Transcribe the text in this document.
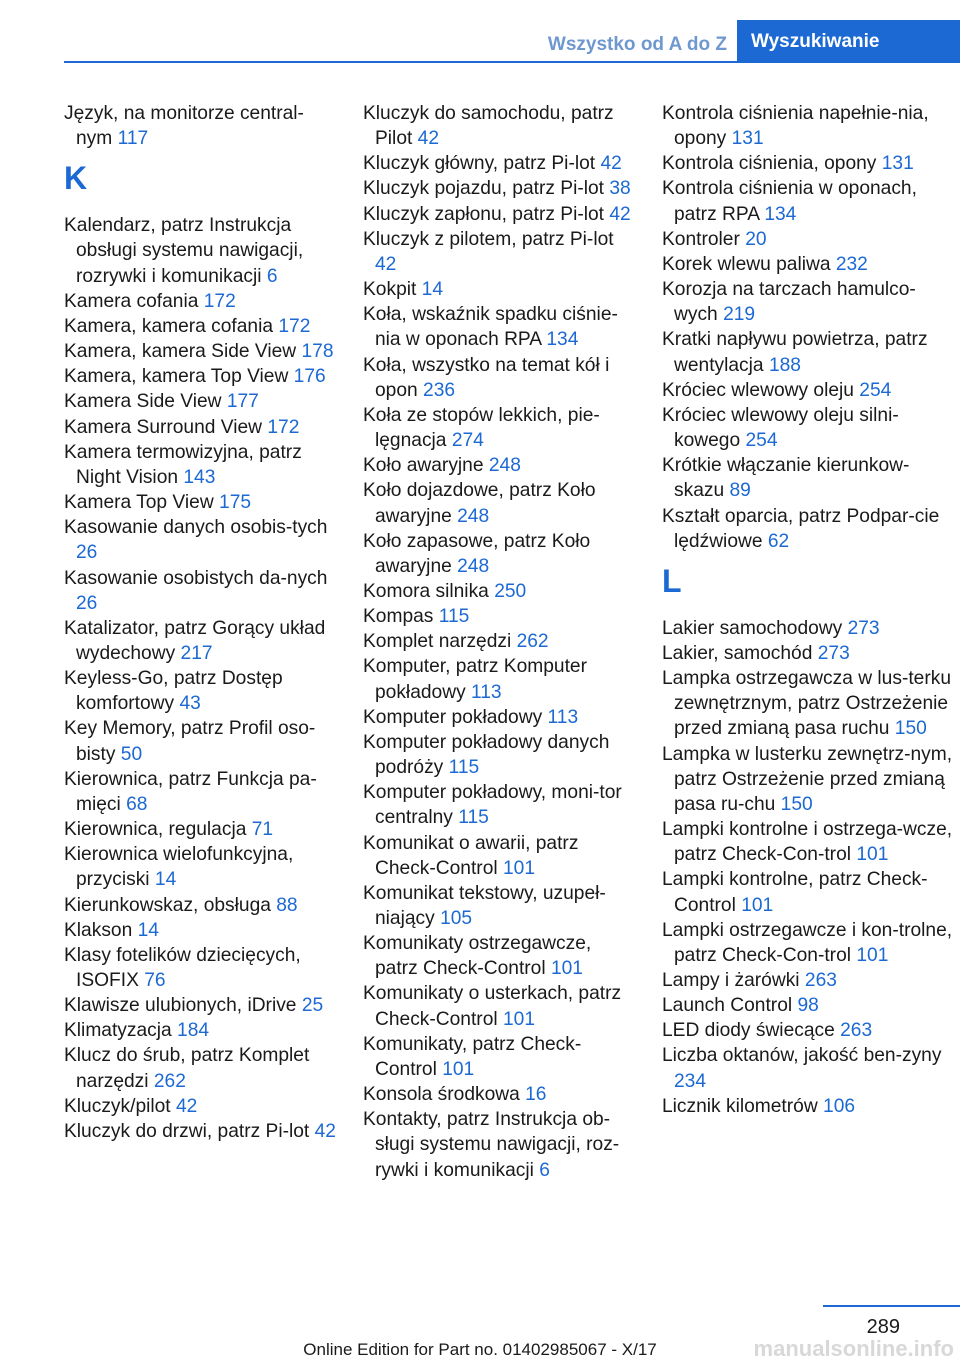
Wszystko od A do Z	Wyszukiwanie
Język, na monitorze central-nym 117
K
Kalendarz, patrz Instrukcja obsługi systemu nawigacji, rozrywki i komunikacji 6
Kamera cofania 172
Kamera, kamera cofania 172
Kamera, kamera Side View 178
Kamera, kamera Top View 176
Kamera Side View 177
Kamera Surround View 172
Kamera termowizyjna, patrz Night Vision 143
Kamera Top View 175
Kasowanie danych osobis-tych 26
Kasowanie osobistych da-nych 26
Katalizator, patrz Gorący układ wydechowy 217
Keyless-Go, patrz Dostęp komfortowy 43
Key Memory, patrz Profil oso-bisty 50
Kierownica, patrz Funkcja pa-mięci 68
Kierownica, regulacja 71
Kierownica wielofunkcyjna, przyciski 14
Kierunkowskaz, obsługa 88
Klakson 14
Klasy fotelików dziecięcych, ISOFIX 76
Klawisze ulubionych, iDrive 25
Klimatyzacja 184
Klucz do śrub, patrz Komplet narzędzi 262
Kluczyk/pilot 42
Kluczyk do drzwi, patrz Pi-lot 42
Kluczyk do samochodu, patrz Pilot 42
Kluczyk główny, patrz Pi-lot 42
Kluczyk pojazdu, patrz Pi-lot 38
Kluczyk zapłonu, patrz Pi-lot 42
Kluczyk z pilotem, patrz Pi-lot 42
Kokpit 14
Koła, wskaźnik spadku ciśnie-nia w oponach RPA 134
Koła, wszystko na temat kół i opon 236
Koła ze stopów lekkich, pie-lęgnacja 274
Koło awaryjne 248
Koło dojazdowe, patrz Koło awaryjne 248
Koło zapasowe, patrz Koło awaryjne 248
Komora silnika 250
Kompas 115
Komplet narzędzi 262
Komputer, patrz Komputer pokładowy 113
Komputer pokładowy 113
Komputer pokładowy danych podróży 115
Komputer pokładowy, moni-tor centralny 115
Komunikat o awarii, patrz Check-Control 101
Komunikat tekstowy, uzupeł-niający 105
Komunikaty ostrzegawcze, patrz Check-Control 101
Komunikaty o usterkach, patrz Check-Control 101
Komunikaty, patrz Check-Control 101
Konsola środkowa 16
Kontakty, patrz Instrukcja ob-sługi systemu nawigacji, roz-rywki i komunikacji 6
Kontrola ciśnienia napełnie-nia, opony 131
Kontrola ciśnienia, opony 131
Kontrola ciśnienia w oponach, patrz RPA 134
Kontroler 20
Korek wlewu paliwa 232
Korozja na tarczach hamulco-wych 219
Kratki napływu powietrza, patrz wentylacja 188
Króciec wlewowy oleju 254
Króciec wlewowy oleju silni-kowego 254
Krótkie włączanie kierunkow-skazu 89
Kształt oparcia, patrz Podpar-cie lędźwiowe 62
L
Lakier samochodowy 273
Lakier, samochód 273
Lampka ostrzegawcza w lus-terku zewnętrznym, patrz Ostrzeżenie przed zmianą pasa ruchu 150
Lampka w lusterku zewnętrz-nym, patrz Ostrzeżenie przed zmianą pasa ru-chu 150
Lampki kontrolne i ostrzega-wcze, patrz Check-Con-trol 101
Lampki kontrolne, patrz Check-Control 101
Lampki ostrzegawcze i kon-trolne, patrz Check-Con-trol 101
Lampy i żarówki 263
Launch Control 98
LED diody świecące 263
Liczba oktanów, jakość ben-zyny 234
Licznik kilometrów 106
289
Online Edition for Part no. 01402985067 - X/17	manualsonline.info
